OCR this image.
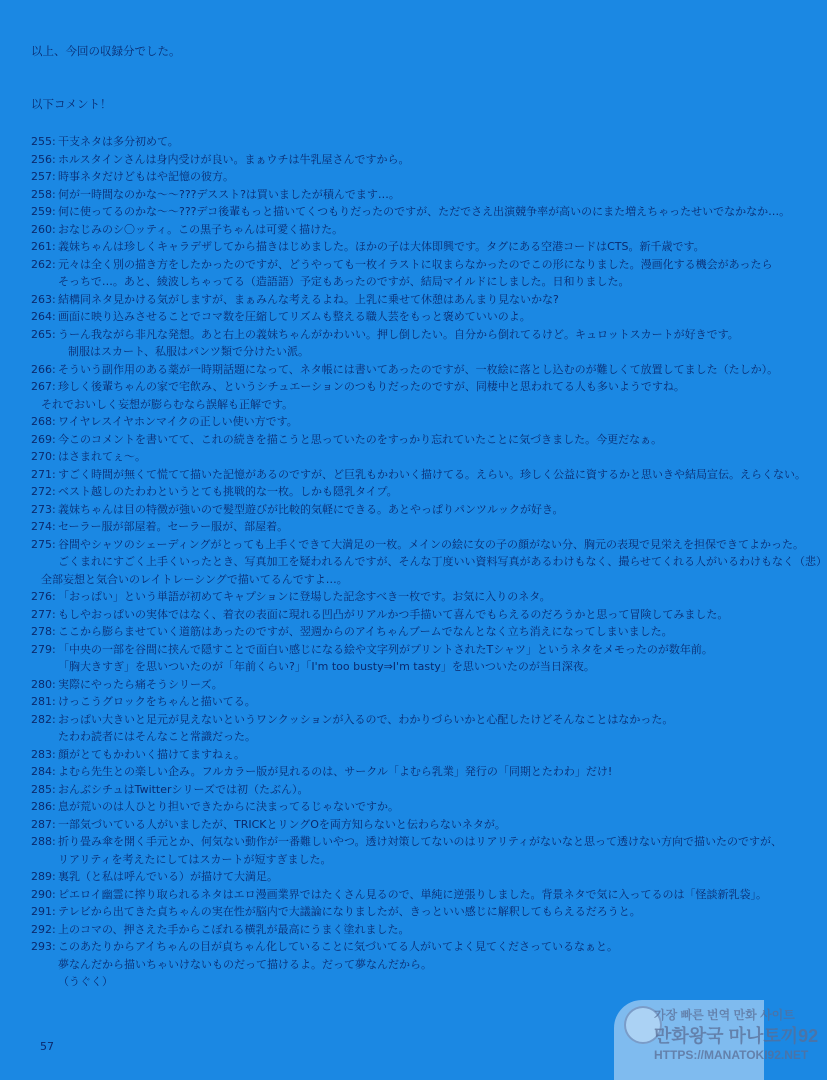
以上、今回の収録分でした。
以下コメント！
255: 干支ネタは多分初めて。
256: ホルスタインさんは身内受けが良い。まぁウチは牛乳屋さんですから。
257: 時事ネタだけどもはや記憶の彼方。
258: 何が一時間なのかな～～???デススト?は買いましたが積んでます…。
259: 何に使ってるのかな～～???デコ後輩もっと描いてくつもりだったのですが、ただでさえ出演競争率が高いのにまた増えちゃったせいでなかなか…。
260: おなじみのシ〇ッティ。この黒子ちゃんは可愛く描けた。
261: 義妹ちゃんは珍しくキャラデザしてから描きはじめました。ほかの子は大体即興です。タグにある空港コードはCTS。新千歳です。
262: 元々は全く別の描き方をしたかったのですが、どうやっても一枚イラストに収まらなかったのでこの形になりました。漫画化する機会があったら
そっちで…。あと、綾波しちゃってる（造語語）予定もあったのですが、結局マイルドにしました。日和りました。
263: 結構同ネタ見かける気がしますが、まぁみんな考えるよね。上乳に乗せて休憩はあんまり見ないかな?
264: 画面に映り込みさせることでコマ数を圧縮してリズムも整える職人芸をもっと褒めていいのよ。
265: うーん我ながら非凡な発想。あと右上の義妹ちゃんがかわいい。押し倒したい。自分から倒れてるけど。キュロットスカートが好きです。
制服はスカート、私服はパンツ類で分けたい派。
266: そういう副作用のある薬が一時期話題になって、ネタ帳には書いてあったのですが、一枚絵に落とし込むのが難しくて放置してました（たしか）。
267: 珍しく後輩ちゃんの家で宅飲み、というシチュエーションのつもりだったのですが、同棲中と思われてる人も多いようですね。
それでおいしく妄想が膨らむなら誤解も正解です。
268: ワイヤレスイヤホンマイクの正しい使い方です。
269: 今このコメントを書いてて、これの続きを描こうと思っていたのをすっかり忘れていたことに気づきました。今更だなぁ。
270: はさまれてぇ～。
271: すごく時間が無くて慌てて描いた記憶があるのですが、ど巨乳もかわいく描けてる。えらい。珍しく公益に資するかと思いきや結局宣伝。えらくない。
272: ベスト越しのたわわというとても挑戦的な一枚。しかも隠乳タイプ。
273: 義妹ちゃんは目の特徴が強いので髪型遊びが比較的気軽にできる。あとやっぱりパンツルックが好き。
274: セーラー服が部屋着。セーラー服が、部屋着。
275: 谷間やシャツのシェーディングがとっても上手くできて大満足の一枚。メインの絵に女の子の顔がない分、胸元の表現で見栄えを担保できてよかった。
ごくまれにすごく上手くいったとき、写真加工を疑われるんですが、そんな丁度いい資料写真があるわけもなく、撮らせてくれる人がいるわけもなく（悲）
全部妄想と気合いのレイトレーシングで描いてるんですよ…。
276: 「おっぱい」という単語が初めてキャプションに登場した記念すべき一枚です。お気に入りのネタ。
277: もしやおっぱいの実体ではなく、着衣の表面に現れる凹凸がリアルかつ手描いて喜んでもらえるのだろうかと思って冒険してみました。
278: ここから膨らませていく道筋はあったのですが、翌週からのアイちゃんブームでなんとなく立ち消えになってしまいました。
279: 「中央の一部を谷間に挟んで隠すことで面白い感じになる絵や文字列がプリントされたTシャツ」というネタをメモったのが数年前。
「胸大きすぎ」を思いついたのが「年前くらい?」「I'm too busty⇒I'm tasty」を思いついたのが当日深夜。
280: 実際にやったら痛そうシリーズ。
281: けっこうグロックをちゃんと描いてる。
282: おっぱい大きいと足元が見えないというワンクッションが入るので、わかりづらいかと心配したけどそんなことはなかった。
たわわ読者にはそんなこと常識だった。
283: 顔がとてもかわいく描けてますねぇ。
284: よむら先生との楽しい企み。フルカラー版が見れるのは、サークル「よむら乳業」発行の「同期とたわわ」だけ!
285: おんぶシチュはTwitterシリーズでは初（たぶん）。
286: 息が荒いのは人ひとり担いできたからに決まってるじゃないですか。
287: 一部気づいている人がいましたが、TRICKとリングOを両方知らないと伝わらないネタが。
288: 折り畳み傘を開く手元とか、何気ない動作が一番難しいやつ。透け対策してないのはリアリティがないなと思って透けない方向で描いたのですが、
リアリティを考えたにしてはスカートが短すぎました。
289: 裏乳（と私は呼んでいる）が描けて大満足。
290: ピエロイ幽霊に搾り取られるネタはエロ漫画業界ではたくさん見るので、単純に逆張りしました。背景ネタで気に入ってるのは「怪談新乳袋」。
291: テレビから出てきた貞ちゃんの実在性が脳内で大議論になりましたが、きっといい感じに解釈してもらえるだろうと。
292: 上のコマの、押さえた手からこぼれる横乳が最高にうまく塗れました。
293: このあたりからアイちゃんの目が貞ちゃん化していることに気づいてる人がいてよく見てくださっているなぁと。
夢なんだから描いちゃいけないものだって描けるよ。だって夢なんだから。
（うぐく）
57
가장 빠른 번역 만화 사이트
만화왕국 마나토끼92
HTTPS://MANATOKI92.NET
